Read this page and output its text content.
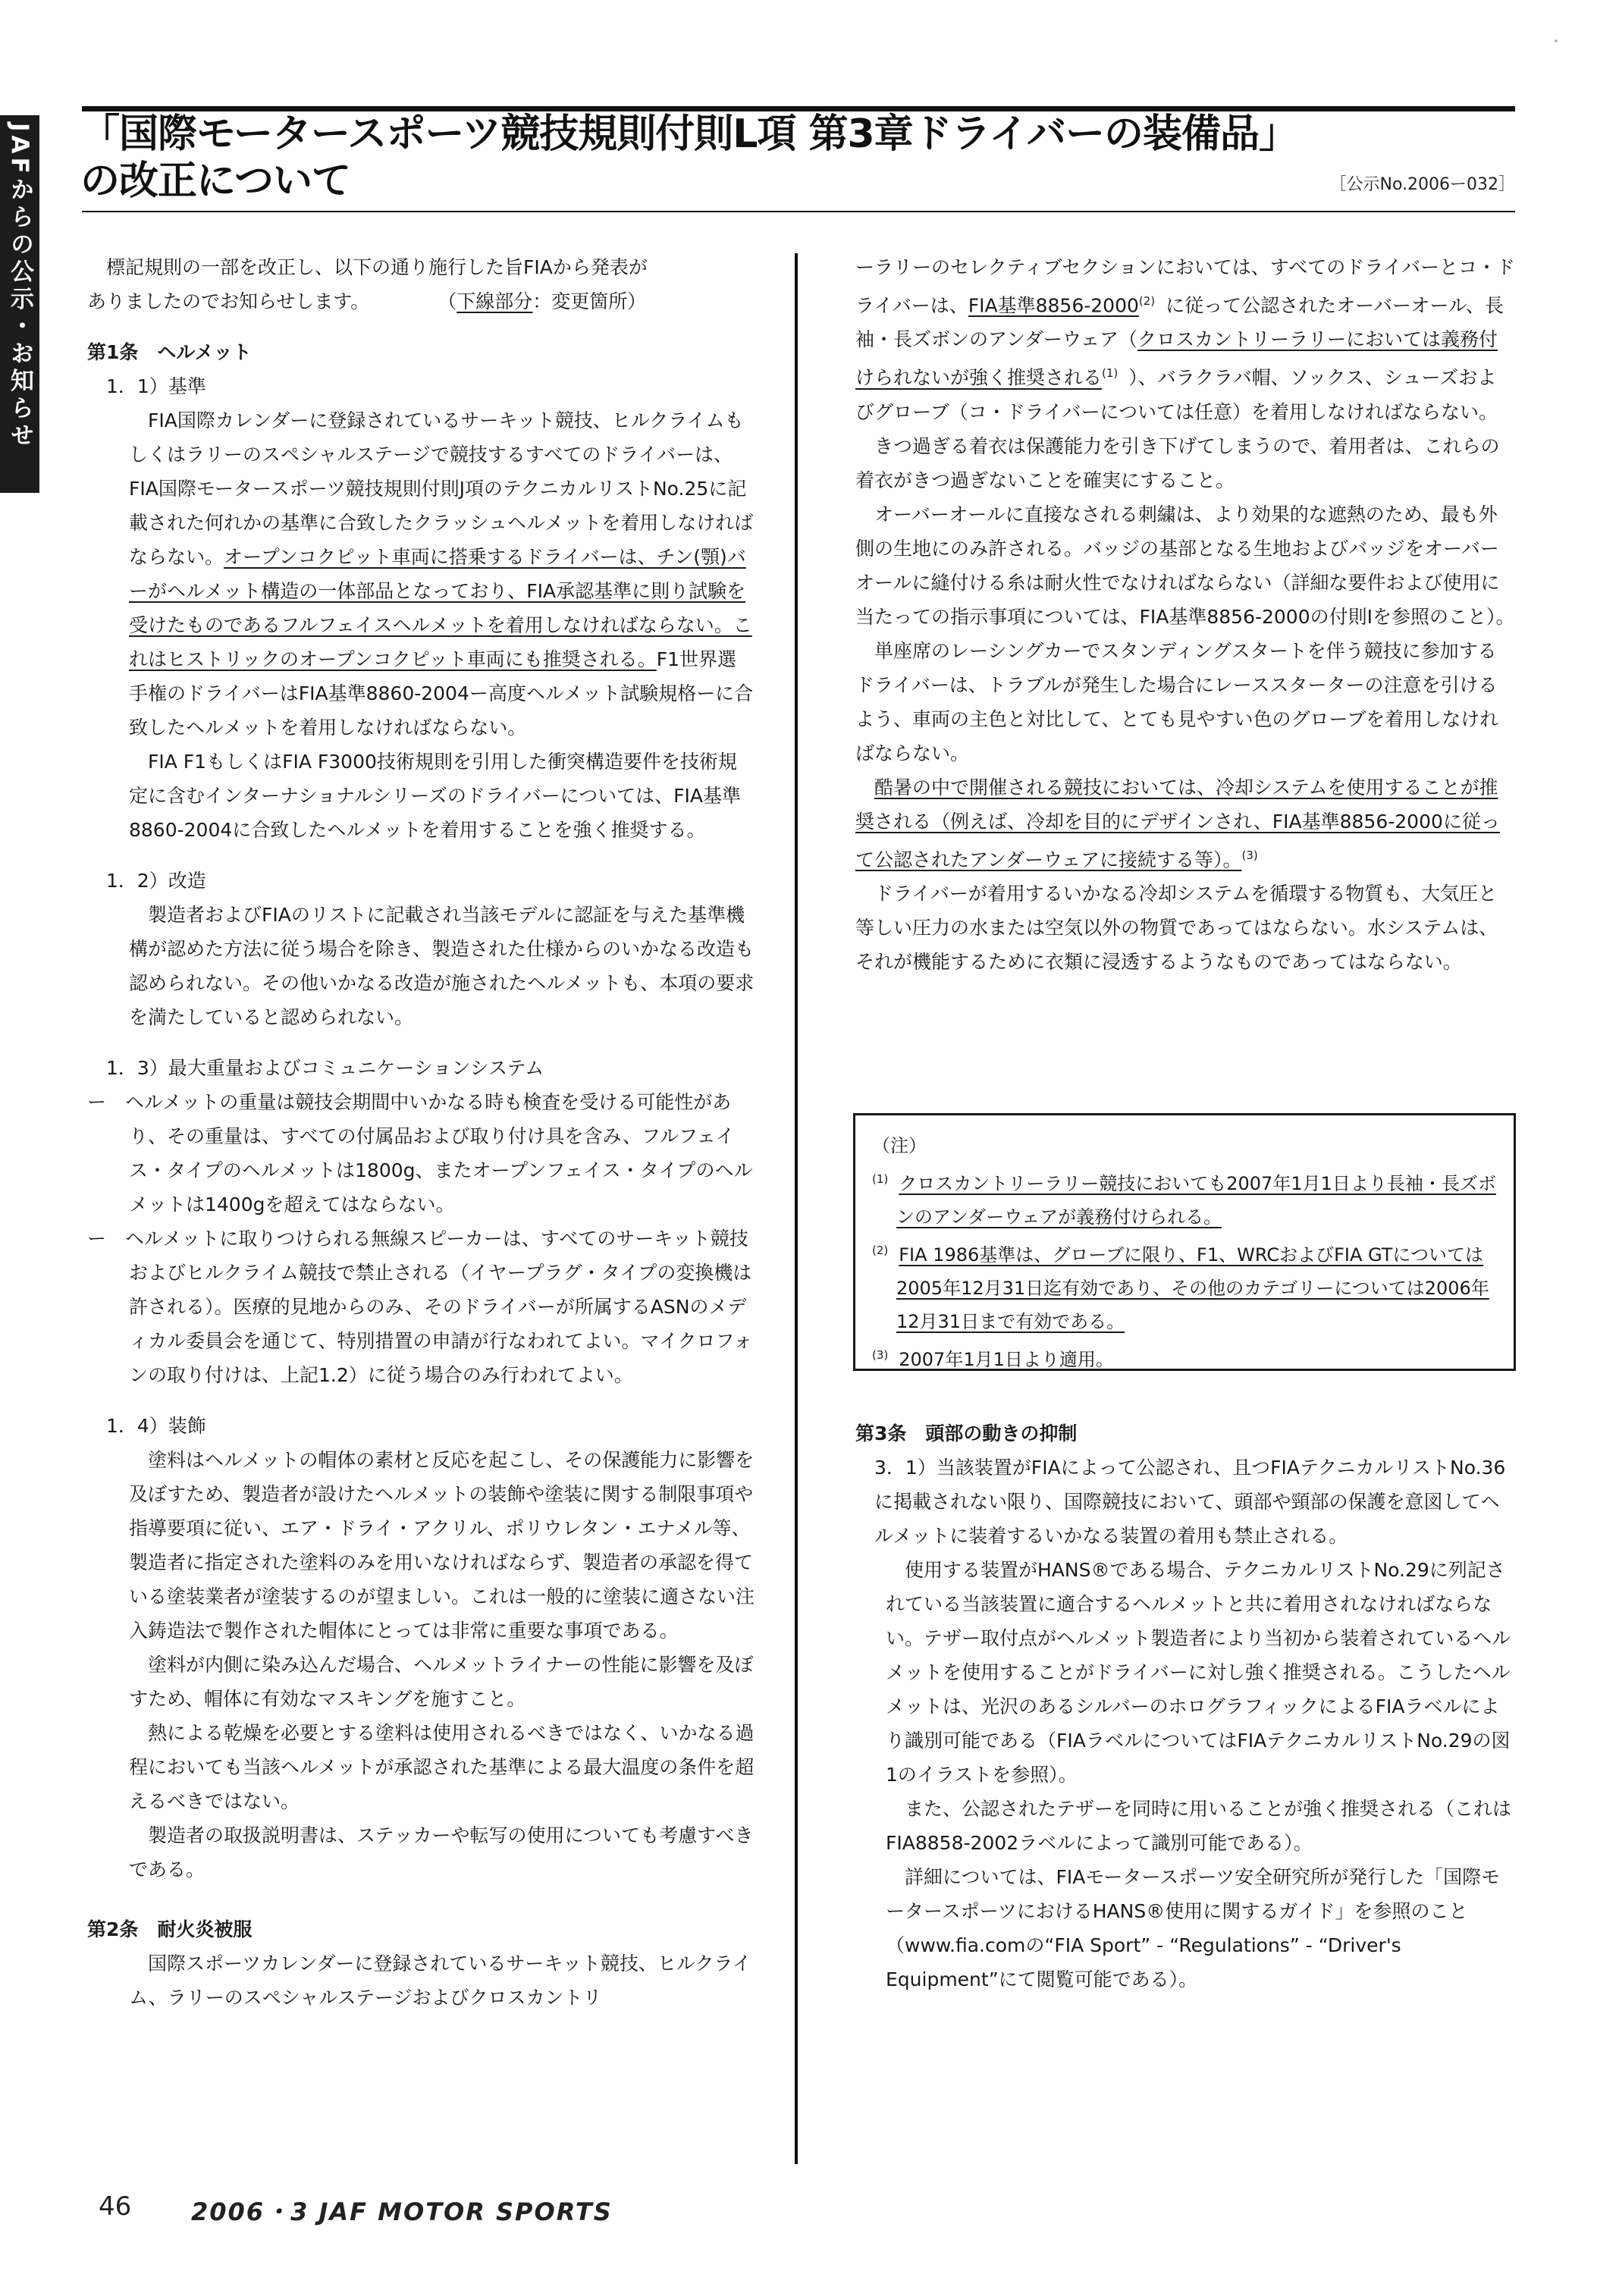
JAFからの公示・お知らせ 「国際モータースポーツ競技規則付則L項 第3章ドライバーの装備品」
の改正について	［公示No.2006ー032］

標記規則の一部を改正し、以下の通り施行した旨FIAから発表が

ありましたのでお知らせします。	（下線部分：変更箇所）

第1条　ヘルメット

1．1）基準

FIA国際カレンダーに登録されているサーキット競技、ヒルクライムもしくはラリーのスペシャルステージで競技するすべてのドライバーは、FIA国際モータースポーツ競技規則付則J項のテクニカルリストNo.25に記載された何れかの基準に合致したクラッシュヘルメットを着用しなければならない。オープンコクピット車両に搭乗するドライバーは、チン(顎)バーがヘルメット構造の一体部品となっており、FIA承認基準に則り試験を受けたものであるフルフェイスヘルメットを着用しなければならない。これはヒストリックのオープンコクピット車両にも推奨される。F1世界選手権のドライバーはFIA基準8860-2004ー高度ヘルメット試験規格ーに合致したヘルメットを着用しなければならない。

FIA F1もしくはFIA F3000技術規則を引用した衝突構造要件を技術規定に含むインターナショナルシリーズのドライバーについては、FIA基準8860-2004に合致したヘルメットを着用することを強く推奨する。

1．2）改造

製造者およびFIAのリストに記載され当該モデルに認証を与えた基準機構が認めた方法に従う場合を除き、製造された仕様からのいかなる改造も認められない。その他いかなる改造が施されたヘルメットも、本項の要求を満たしていると認められない。

1．3）最大重量およびコミュニケーションシステム

ー　ヘルメットの重量は競技会期間中いかなる時も検査を受ける可能性があり、その重量は、すべての付属品および取り付け具を含み、フルフェイス・タイプのヘルメットは1800g、またオープンフェイス・タイプのヘルメットは1400gを超えてはならない。

ー　ヘルメットに取りつけられる無線スピーカーは、すべてのサーキット競技およびヒルクライム競技で禁止される（イヤープラグ・タイプの変換機は許される）。医療的見地からのみ、そのドライバーが所属するASNのメディカル委員会を通じて、特別措置の申請が行なわれてよい。マイクロフォンの取り付けは、上記1.2）に従う場合のみ行われてよい。

1．4）装飾

塗料はヘルメットの帽体の素材と反応を起こし、その保護能力に影響を及ぼすため、製造者が設けたヘルメットの装飾や塗装に関する制限事項や指導要項に従い、エア・ドライ・アクリル、ポリウレタン・エナメル等、製造者に指定された塗料のみを用いなければならず、製造者の承認を得ている塗装業者が塗装するのが望ましい。これは一般的に塗装に適さない注入鋳造法で製作された帽体にとっては非常に重要な事項である。

塗料が内側に染み込んだ場合、ヘルメットライナーの性能に影響を及ぼすため、帽体に有効なマスキングを施すこと。

熱による乾燥を必要とする塗料は使用されるべきではなく、いかなる過程においても当該ヘルメットが承認された基準による最大温度の条件を超えるべきではない。

製造者の取扱説明書は、ステッカーや転写の使用についても考慮すべきである。

第2条　耐火炎被服

国際スポーツカレンダーに登録されているサーキット競技、ヒルクライム、ラリーのスペシャルステージおよびクロスカントリ

ーラリーのセレクティブセクションにおいては、すべてのドライバーとコ・ドライバーは、FIA基準8856-2000$^{(2)}$ に従って公認されたオーバーオール、長袖・長ズボンのアンダーウェア（クロスカントリーラリーにおいては義務付けられないが強く推奨される$^{(1)}$ ）、バラクラバ帽、ソックス、シューズおよびグローブ（コ・ドライバーについては任意）を着用しなければならない。

きつ過ぎる着衣は保護能力を引き下げてしまうので、着用者は、これらの着衣がきつ過ぎないことを確実にすること。

オーバーオールに直接なされる刺繍は、より効果的な遮熱のため、最も外側の生地にのみ許される。バッジの基部となる生地およびバッジをオーバーオールに縫付ける糸は耐火性でなければならない（詳細な要件および使用に当たっての指示事項については、FIA基準8856-2000の付則Ⅰを参照のこと）。

単座席のレーシングカーでスタンディングスタートを伴う競技に参加するドライバーは、トラブルが発生した場合にレーススターターの注意を引けるよう、車両の主色と対比して、とても見やすい色のグローブを着用しなければならない。

酷暑の中で開催される競技においては、冷却システムを使用することが推奨される（例えば、冷却を目的にデザインされ、FIA基準8856-2000に従って公認されたアンダーウェアに接続する等）。$^{(3)}$

ドライバーが着用するいかなる冷却システムを循環する物質も、大気圧と等しい圧力の水または空気以外の物質であってはならない。水システムは、それが機能するために衣類に浸透するようなものであってはならない。

（注）

$^{(1)}$ クロスカントリーラリー競技においても2007年1月1日より長袖・長ズボンのアンダーウェアが義務付けられる。

$^{(2)}$ FIA 1986基準は、グローブに限り、F1、WRCおよびFIA GTについては2005年12月31日迄有効であり、その他のカテゴリーについては2006年12月31日まで有効である。

$^{(3)}$ 2007年1月1日より適用。

第3条　頭部の動きの抑制

3．1）当該装置がFIAによって公認され、且つFIAテクニカルリストNo.36に掲載されない限り、国際競技において、頭部や頸部の保護を意図してヘルメットに装着するいかなる装置の着用も禁止される。

使用する装置がHANS®である場合、テクニカルリストNo.29に列記されている当該装置に適合するヘルメットと共に着用されなければならない。テザー取付点がヘルメット製造者により当初から装着されているヘルメットを使用することがドライバーに対し強く推奨される。こうしたヘルメットは、光沢のあるシルバーのホログラフィックによるFIAラベルにより識別可能である（FIAラベルについてはFIAテクニカルリストNo.29の図1のイラストを参照）。

また、公認されたテザーを同時に用いることが強く推奨される（これはFIA8858-2002ラベルによって識別可能である）。

詳細については、FIAモータースポーツ安全研究所が発行した「国際モータースポーツにおけるHANS®使用に関するガイド」を参照のこと（www.fia.comの“FIA Sport” - “Regulations” - “Driver's Equipment”にて閲覧可能である）。

46 2006・3 JAF MOTOR SPORTS
